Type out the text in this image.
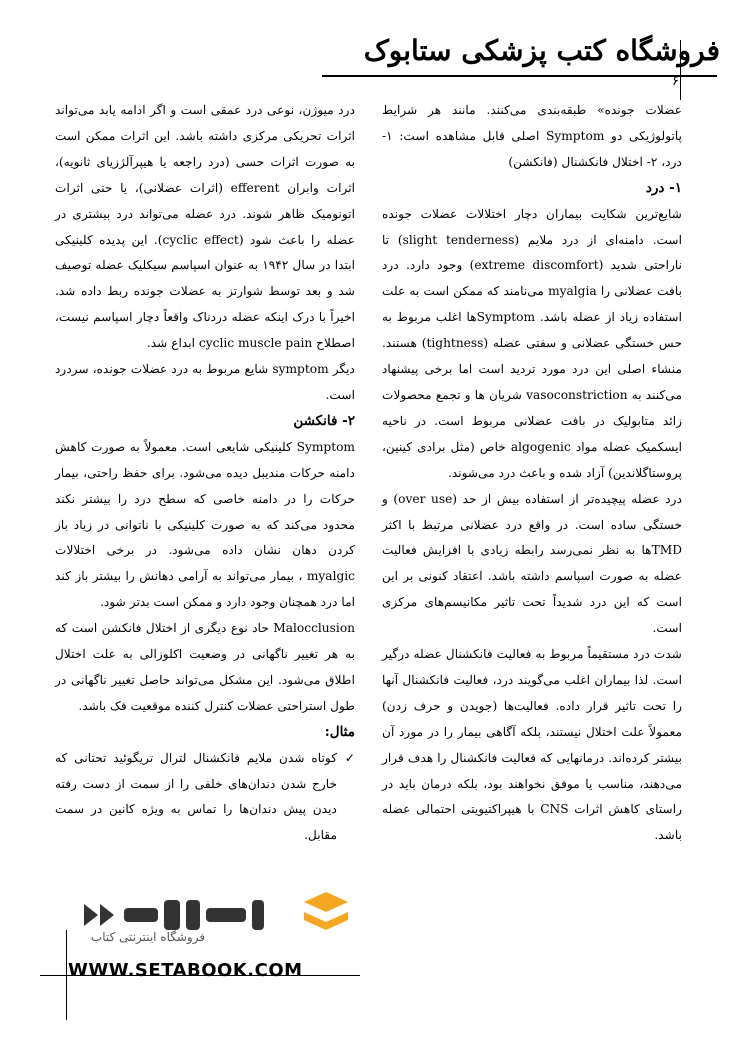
فروشگاه کتب پزشکی ستابوک
۶

عضلات جونده» طبقه‌بندی می‌کنند. مانند هر شرایط پاتولوژیکی دو Symptom اصلی قابل مشاهده است: ۱- درد، ۲- اختلال فانکشنال (فانکشن)

۱- درد

شایع‌ترین شکایت بیماران دچار اختلالات عضلات جونده است. دامنه‌ای از درد ملایم (slight tenderness) تا ناراحتی شدید (extreme discomfort) وجود دارد. درد بافت عضلانی را myalgia می‌نامند که ممکن است به علت استفاده زیاد از عضله باشد. Symptomها اغلب مربوط به حس خستگی عضلانی و سفتی عضله (tightness) هستند. منشاء اصلی این درد مورد تردید است اما برخی پیشنهاد می‌کنند به vasoconstriction شریان ها و تجمع محصولات زائد متابولیک در بافت عضلانی مربوط است. در ناحیه ایسکمیک عضله مواد algogenic خاص (مثل برادی کینین، پروستاگلاندین) آزاد شده و باعث درد می‌شوند.

درد عضله پیچیده‌تر از استفاده بیش از حد (over use) و خستگی ساده است. در واقع درد عضلانی مرتبط با اکثر TMDها به نظر نمی‌رسد رابطه زیادی با افزایش فعالیت عضله به صورت اسپاسم داشته باشد. اعتقاد کنونی بر این است که این درد شدیداً تحت تاثیر مکانیسم‌های مرکزی است.

شدت درد مستقیماً مربوط به فعالیت فانکشنال عضله درگیر است. لذا بیماران اغلب می‌گویند درد، فعالیت فانکشنال آنها را تحت تاثیر قرار داده. فعالیت‌ها (جویدن و حرف زدن) معمولاً علت اختلال نیستند، بلکه آگاهی بیمار را در مورد آن بیشتر کرده‌اند. درمانهایی که فعالیت فانکشنال را هدف قرار می‌دهند، مناسب یا موفق نخواهند بود، بلکه درمان باید در راستای کاهش اثرات CNS با هیپراکتیویتی احتمالی عضله باشد.

درد میوژن، نوعی درد عمقی است و اگر ادامه یابد می‌تواند اثرات تحریکی مرکزی داشته باشد. این اثرات ممکن است به صورت اثرات حسی (درد راجعه یا هیپرآلژزیای ثانویه)، اثرات وابران efferent (اثرات عضلانی)، یا حتی اثرات اتونومیک ظاهر شوند. درد عضله می‌تواند درد بیشتری در عضله را باعث شود (cyclic effect). این پدیده کلینیکی ابتدا در سال ۱۹۴۲ به عنوان اسپاسم سیکلیک عضله توصیف شد و بعد توسط شوارتز به عضلات جونده ربط داده شد. اخیراً با درک اینکه عضله دردناک واقعاً دچار اسپاسم نیست، اصطلاح cyclic muscle pain ابداع شد.

دیگر symptom شایع مربوط به درد عضلات جونده، سردرد است.

۲- فانکشن

Symptom کلینیکی شایعی است. معمولاً به صورت کاهش دامنه حرکات مندیبل دیده می‌شود. برای حفظ راحتی، بیمار حرکات را در دامنه خاصی که سطح درد را بیشتر نکند محدود می‌کند که به صورت کلینیکی با ناتوانی در زیاد باز کردن دهان نشان داده می‌شود. در برخی اختلالات myalgic ، بیمار می‌تواند به آرامی دهانش را بیشتر باز کند اما درد همچنان وجود دارد و ممکن است بدتر شود.

Malocclusion حاد نوع دیگری از اختلال فانکشن است که به هر تغییر ناگهانی در وضعیت اکلوزالی به علت اختلال اطلاق می‌شود. این مشکل می‌تواند حاصل تغییر ناگهانی در طول استراحتی عضلات کنترل کننده موقعیت فک باشد.

مثال:

✓
کوتاه شدن ملایم فانکشنال لترال تریگوئید تحتانی که خارج شدن دندان‌های خلفی را از سمت از دست رفته دیدن پیش دندان‌ها را تماس به ویژه کانین در سمت مقابل.

فروشگاه اینترنتی کتاب
WWW.SETABOOK.COM
